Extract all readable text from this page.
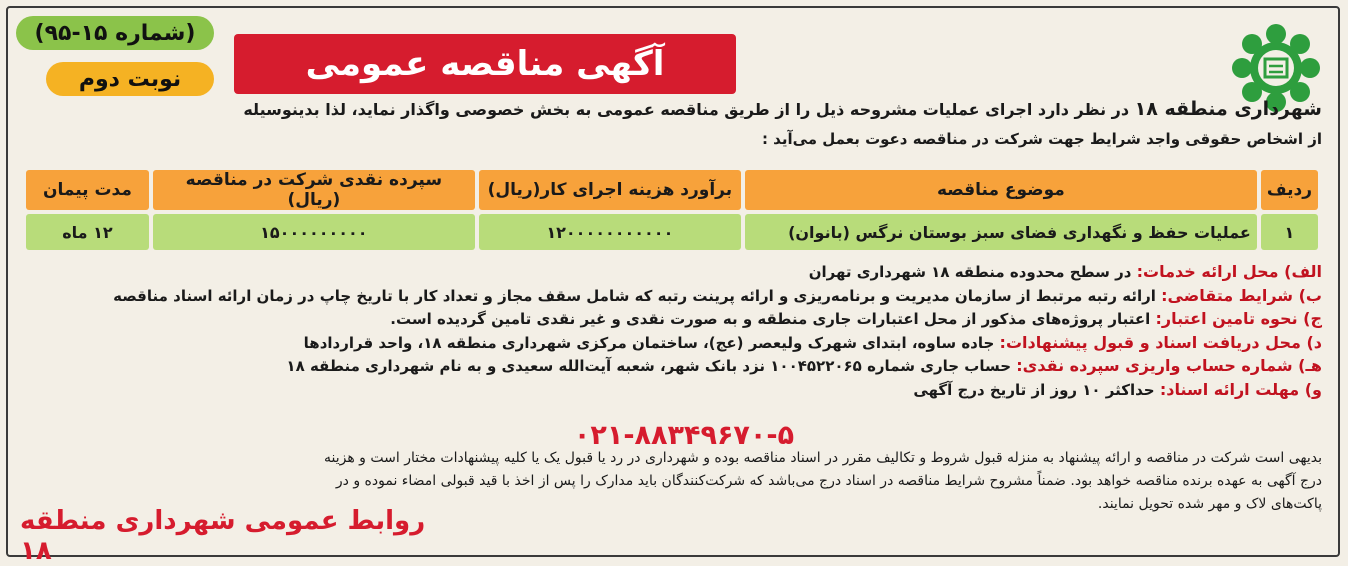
آگهی مناقصه عمومی
(شماره ۱۵-۹۵)
نوبت دوم
شهرداری منطقه ۱۸ در نظر دارد اجرای عملیات مشروحه ذیل را از طریق مناقصه عمومی به بخش خصوصی واگذار نماید، لذا بدینوسیله
از اشخاص حقوقی واجد شرایط جهت شرکت در مناقصه دعوت بعمل می‌آید :
ردیف	موضوع مناقصه	برآورد هزینه اجرای کار(ریال)	سپرده نقدی شرکت در مناقصه (ریال)	مدت پیمان
۱	عملیات حفظ و نگهداری فضای سبز بوستان نرگس (بانوان)	۱۲۰۰۰۰۰۰۰۰۰۰۰	۱۵۰۰۰۰۰۰۰۰۰	۱۲ ماه
الف) محل ارائه خدمات: در سطح محدوده منطقه ۱۸ شهرداری تهران
ب) شرایط متقاضی: ارائه رتبه مرتبط از سازمان مدیریت و برنامه‌ریزی و ارائه پرینت رتبه که شامل سقف مجاز و تعداد کار با تاریخ چاپ در زمان ارائه اسناد مناقصه
ج) نحوه تامین اعتبار: اعتبار پروژه‌های مذکور از محل اعتبارات جاری منطقه و به صورت نقدی و غیر نقدی تامین گردیده است.
د) محل دریافت اسناد و قبول پیشنهادات: جاده ساوه، ابتدای شهرک ولیعصر (عج)، ساختمان مرکزی شهرداری منطقه ۱۸، واحد قراردادها
هـ) شماره حساب واریزی سپرده نقدی: حساب جاری شماره ۱۰۰۴۵۲۲۰۶۵ نزد بانک شهر، شعبه آیت‌الله سعیدی و به نام شهرداری منطقه ۱۸
و) مهلت ارائه اسناد: حداکثر ۱۰ روز از تاریخ درج آگهی
۰۲۱-۸۸۳۴۹۶۷۰-۵
بدیهی است شرکت در مناقصه و ارائه پیشنهاد به منزله قبول شروط و تکالیف مقرر در اسناد مناقصه بوده و شهرداری در رد یا قبول یک یا کلیه پیشنهادات مختار است و هزینه
درج آگهی به عهده برنده مناقصه خواهد بود. ضمناً مشروح شرایط مناقصه در اسناد درج می‌باشد که شرکت‌کنندگان باید مدارک را پس از اخذ با قید قبولی امضاء نموده و در
پاکت‌های لاک و مهر شده تحویل نمایند.
روابط عمومی شهرداری منطقه ۱۸
